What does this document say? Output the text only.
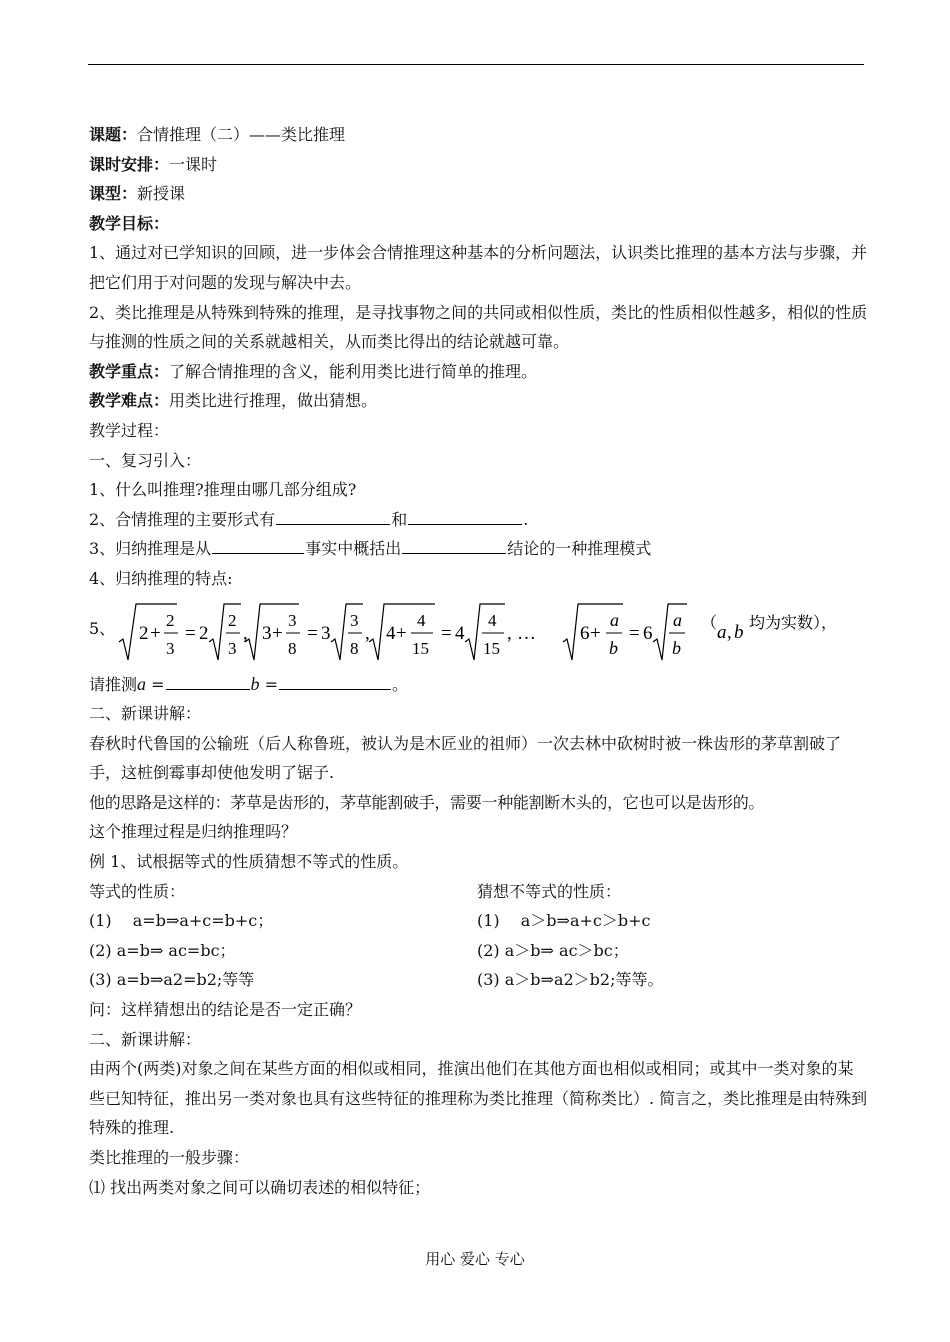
课题：合情推理（二）——类比推理
课时安排：一课时
课型：新授课
教学目标：
1、通过对已学知识的回顾，进一步体会合情推理这种基本的分析问题法，认识类比推理的基本方法与步骤，并把它们用于对问题的发现与解决中去。
2、类比推理是从特殊到特殊的推理，是寻找事物之间的共同或相似性质，类比的性质相似性越多，相似的性质与推测的性质之间的关系就越相关，从而类比得出的结论就越可靠。
教学重点：了解合情推理的含义，能利用类比进行简单的推理。
教学难点：用类比进行推理，做出猜想。
教学过程：
一、复习引入：
1、什么叫推理?推理由哪几部分组成?
2、合情推理的主要形式有	和	.
3、归纳推理是从	事实中概括出	结论的一种推理模式
4、归纳推理的特点:
5、 2 +
2
3
= 2
2
3
, 3 +
3
8
= 3
3
8
, 4 +
4
15
= 4
4
15
, … 6 +
a
b
= 6
a
b
（ a , b 均为实数），
请推测a =	b =	。
二、新课讲解：
春秋时代鲁国的公输班（后人称鲁班，被认为是木匠业的祖师）一次去林中砍树时被一株齿形的茅草割破了手，这桩倒霉事却使他发明了锯子.
他的思路是这样的：茅草是齿形的，茅草能割破手，需要一种能割断木头的，它也可以是齿形的。
这个推理过程是归纳推理吗？
例 1、试根据等式的性质猜想不等式的性质。
等式的性质：	猜想不等式的性质：
(1)　 a=b⇒a+c=b+c；	(1)　 a＞b⇒a+c＞b+c
(2) a=b⇒ ac=bc；	(2) a＞b⇒ ac＞bc；
(3) a=b⇒a2=b2;等等	(3) a＞b⇒a2＞b2;等等。
问：这样猜想出的结论是否一定正确？
二、新课讲解：
由两个(两类)对象之间在某些方面的相似或相同，推演出他们在其他方面也相似或相同；或其中一类对象的某些已知特征，推出另一类对象也具有这些特征的推理称为类比推理（简称类比）. 简言之，类比推理是由特殊到特殊的推理.
类比推理的一般步骤：
⑴ 找出两类对象之间可以确切表述的相似特征；
用心 爱心 专心
